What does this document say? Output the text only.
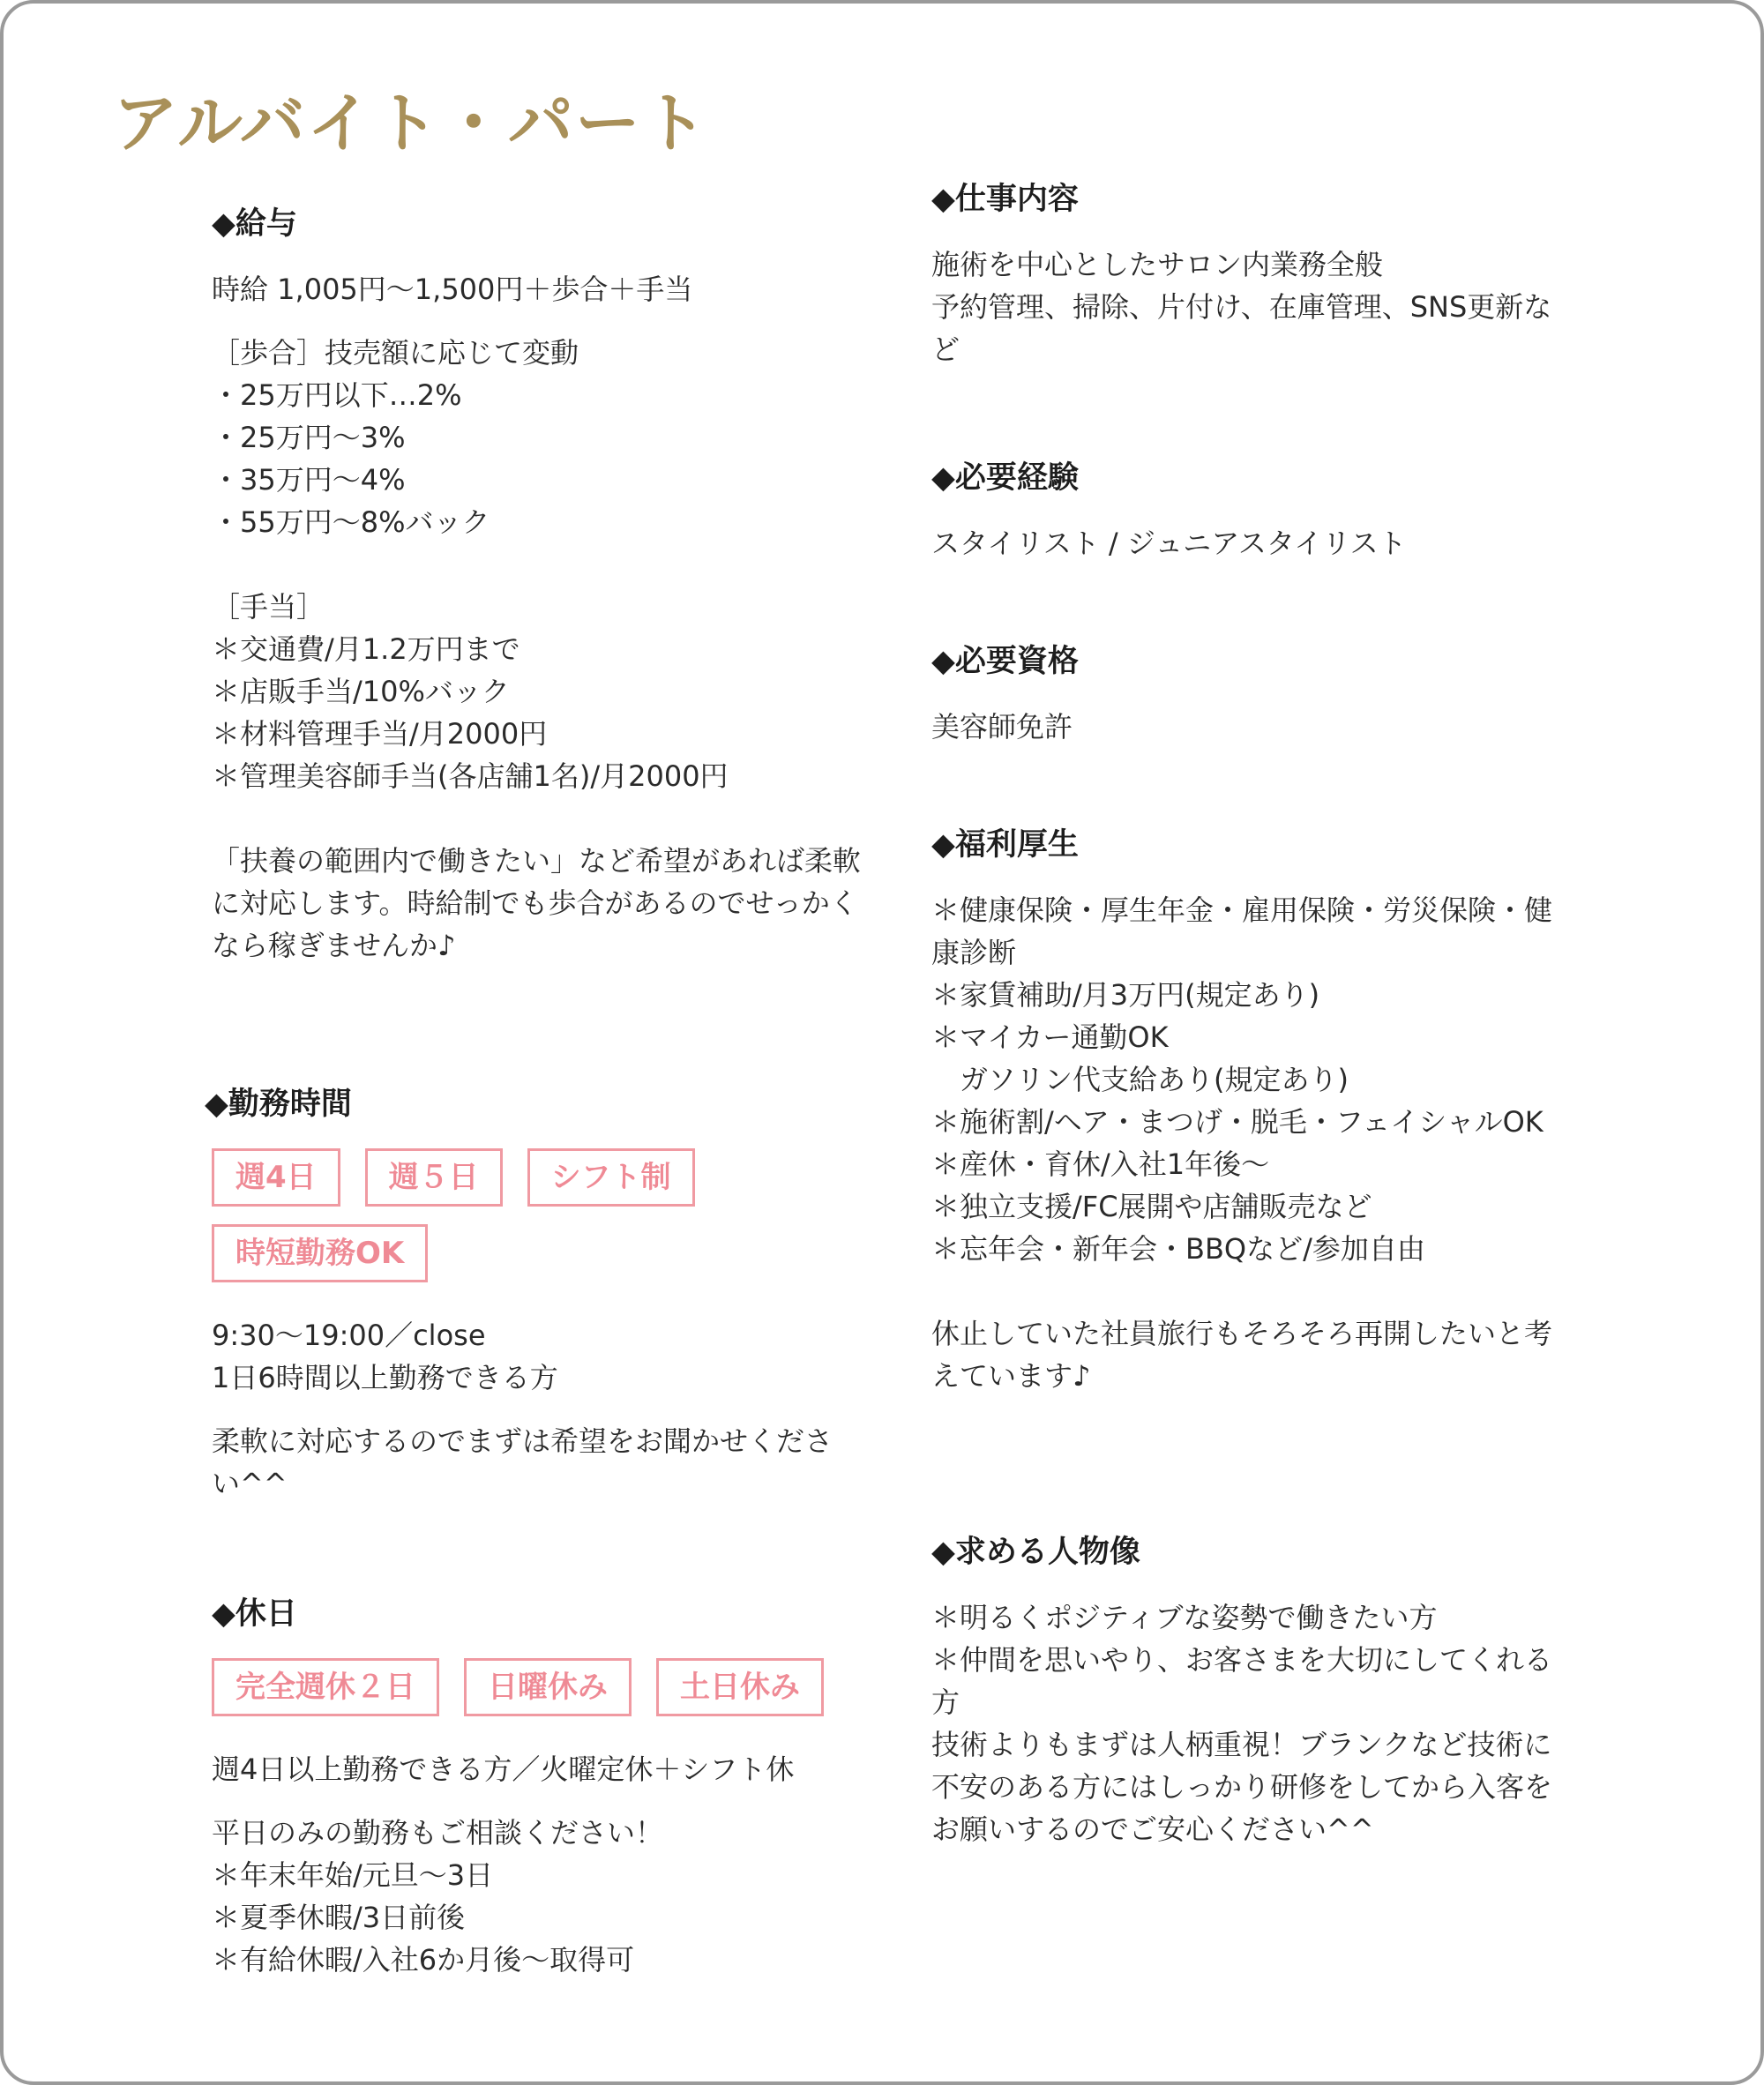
アルバイト・パート
◆給与
時給 1,005円〜1,500円＋歩合＋手当
［歩合］技売額に応じて変動
・25万円以下…2%
・25万円〜3%
・35万円〜4%
・55万円〜8%バック
［手当］
＊交通費/月1.2万円まで
＊店販手当/10%バック
＊材料管理手当/月2000円
＊管理美容師手当(各店舗1名)/月2000円
「扶養の範囲内で働きたい」など希望があれば柔軟
に対応します。時給制でも歩合があるのでせっかく
なら稼ぎませんか♪
◆勤務時間
週4日	週５日	シフト制
時短勤務OK
9:30〜19:00／close
1日6時間以上勤務できる方
柔軟に対応するのでまずは希望をお聞かせくださ
い^^
◆休日
完全週休２日	日曜休み	土日休み
週4日以上勤務できる方／火曜定休＋シフト休
平日のみの勤務もご相談ください！
＊年末年始/元旦〜3日
＊夏季休暇/3日前後
＊有給休暇/入社6か月後〜取得可
◆仕事内容
施術を中心としたサロン内業務全般
予約管理、掃除、片付け、在庫管理、SNS更新な
ど
◆必要経験
スタイリスト / ジュニアスタイリスト
◆必要資格
美容師免許
◆福利厚生
＊健康保険・厚生年金・雇用保険・労災保険・健
康診断
＊家賃補助/月3万円(規定あり)
＊マイカー通勤OK
　ガソリン代支給あり(規定あり)
＊施術割/ヘア・まつげ・脱毛・フェイシャルOK
＊産休・育休/入社1年後〜
＊独立支援/FC展開や店舗販売など
＊忘年会・新年会・BBQなど/参加自由
休止していた社員旅行もそろそろ再開したいと考
えています♪
◆求める人物像
＊明るくポジティブな姿勢で働きたい方
＊仲間を思いやり、お客さまを大切にしてくれる
方
技術よりもまずは人柄重視！ブランクなど技術に
不安のある方にはしっかり研修をしてから入客を
お願いするのでご安心ください^^
